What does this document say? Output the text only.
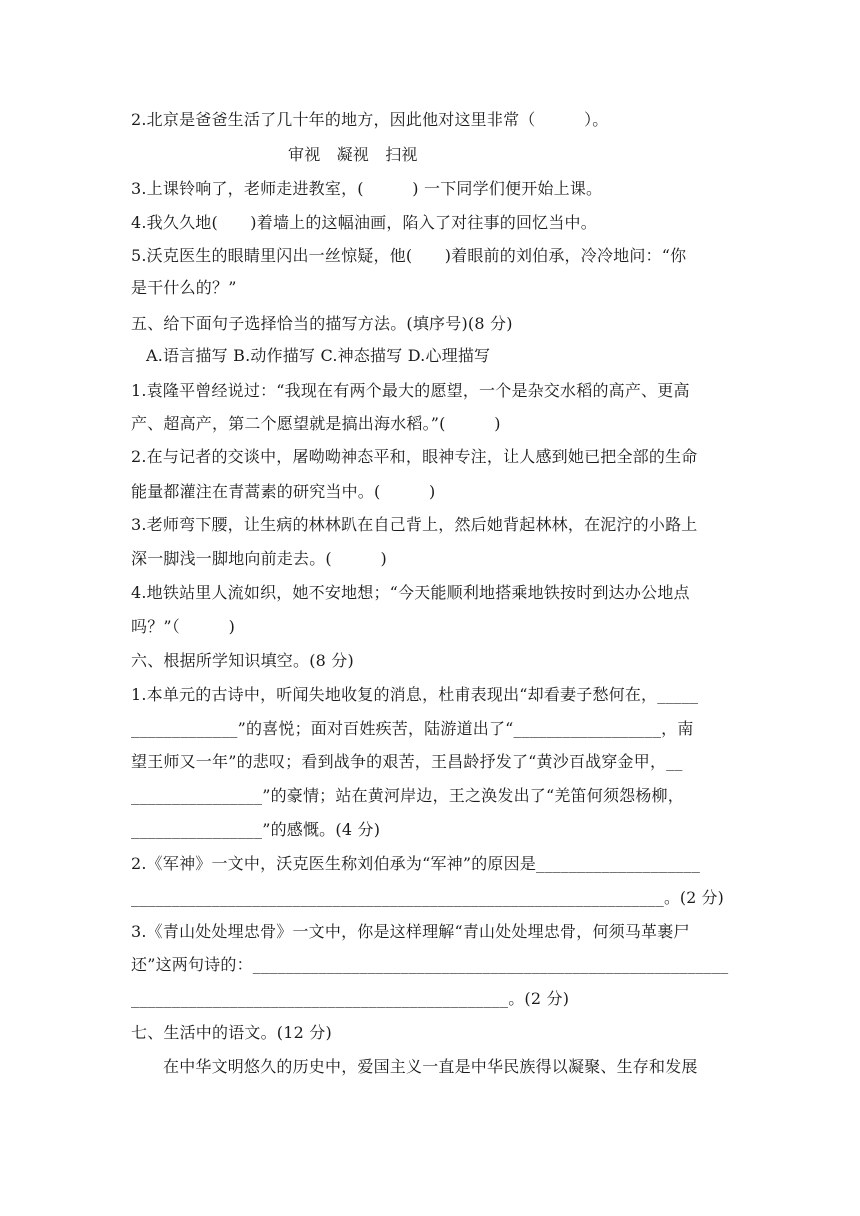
2.北京是爸爸生活了几十年的地方，因此他对这里非常（　　　）。
审视　凝视　扫视
3.上课铃响了，老师走进教室，(　　　) 一下同学们便开始上课。
4.我久久地(　　)着墙上的这幅油画，陷入了对往事的回忆当中。
5.沃克医生的眼睛里闪出一丝惊疑，他(　　)着眼前的刘伯承，冷冷地问：“你
是干什么的？”
五、给下面句子选择恰当的描写方法。(填序号)(8 分)
A.语言描写 B.动作描写 C.神态描写 D.心理描写
1.袁隆平曾经说过：“我现在有两个最大的愿望，一个是杂交水稻的高产、更高
产、超高产，第二个愿望就是搞出海水稻。”(　　　)
2.在与记者的交谈中，屠呦呦神态平和，眼神专注，让人感到她已把全部的生命
能量都灌注在青蒿素的研究当中。(　　　)
3.老师弯下腰，让生病的林林趴在自己背上，然后她背起林林，在泥泞的小路上
深一脚浅一脚地向前走去。(　　　)
4.地铁站里人流如织，她不安地想；“今天能顺利地搭乘地铁按时到达办公地点
吗？”（　　　)
六、根据所学知识填空。(8 分)
1.本单元的古诗中，听闻失地收复的消息，杜甫表现出“却看妻子愁何在，_____
_____________”的喜悦；面对百姓疾苦，陆游道出了“__________________，南
望王师又一年”的悲叹；看到战争的艰苦，王昌龄抒发了“黄沙百战穿金甲，__
________________”的豪情；站在黄河岸边，王之涣发出了“羌笛何须怨杨柳，
________________”的感慨。(4 分)
2.《军神》一文中，沃克医生称刘伯承为“军神”的原因是____________________
__________________________________________________________________。(2 分)
3.《青山处处埋忠骨》一文中，你是这样理解“青山处处埋忠骨，何须马革裹尸
还”这两句诗的：__________________________________________________________
______________________________________________。(2 分)
七、生活中的语文。(12 分)
在中华文明悠久的历史中，爱国主义一直是中华民族得以凝聚、生存和发展
